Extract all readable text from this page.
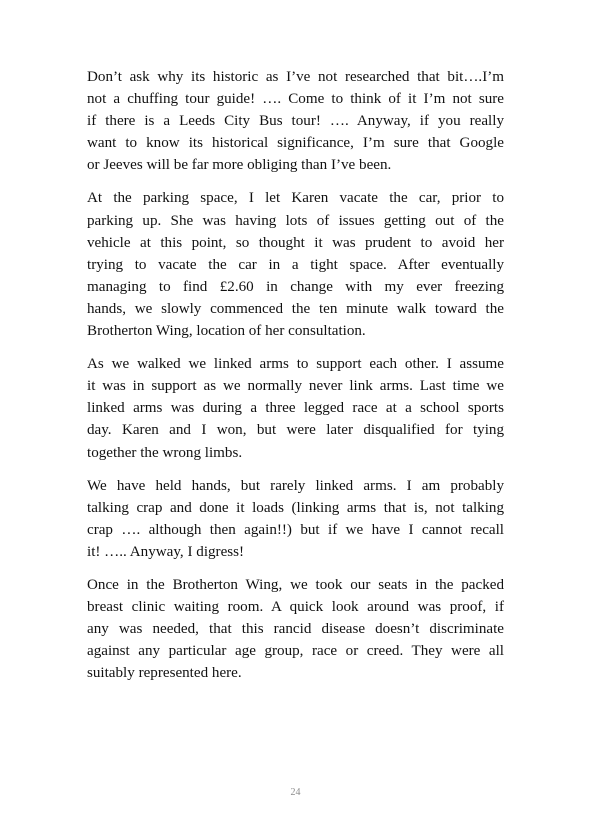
Don’t ask why its historic as I’ve not researched that bit….I’m
not a chuffing tour guide! …. Come to think of it I’m not sure
if there is a Leeds City Bus tour! …. Anyway, if you really
want to know its historical significance, I’m sure that Google
or Jeeves will be far more obliging than I’ve been.

At the parking space, I let Karen vacate the car, prior to
parking up. She was having lots of issues getting out of the
vehicle at this point, so thought it was prudent to avoid her
trying to vacate the car in a tight space. After eventually
managing to find £2.60 in change with my ever freezing
hands, we slowly commenced the ten minute walk toward the
Brotherton Wing, location of her consultation.

As we walked we linked arms to support each other. I assume
it was in support as we normally never link arms. Last time we
linked arms was during a three legged race at a school sports
day. Karen and I won, but were later disqualified for tying
together the wrong limbs.

We have held hands, but rarely linked arms. I am probably
talking crap and done it loads (linking arms that is, not talking
crap …. although then again!!) but if we have I cannot recall
it! ….. Anyway, I digress!

Once in the Brotherton Wing, we took our seats in the packed
breast clinic waiting room. A quick look around was proof, if
any was needed, that this rancid disease doesn’t discriminate
against any particular age group, race or creed. They were all
suitably represented here.

24
